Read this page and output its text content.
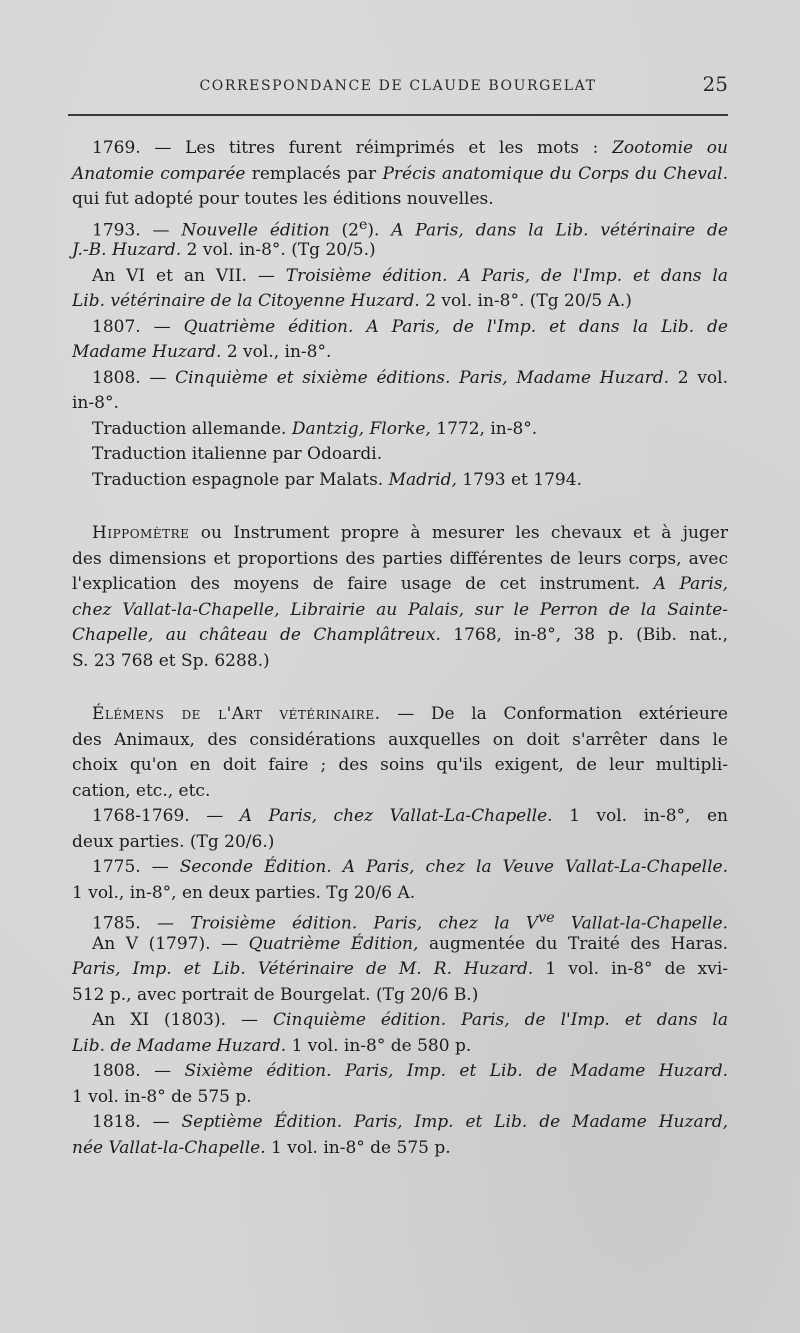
CORRESPONDANCE DE CLAUDE BOURGELAT	25
1769. — Les titres furent réimprimés et les mots : Zootomie ou
Anatomie comparée remplacés par Précis anatomique du Corps du Cheval.
qui fut adopté pour toutes les éditions nouvelles.
1793. — Nouvelle édition (2e). A Paris, dans la Lib. vétérinaire de
J.-B. Huzard. 2 vol. in-8°. (Tg 20/5.)
An VI et an VII. — Troisième édition. A Paris, de l'Imp. et dans la
Lib. vétérinaire de la Citoyenne Huzard. 2 vol. in-8°. (Tg 20/5 A.)
1807. — Quatrième édition. A Paris, de l'Imp. et dans la Lib. de
Madame Huzard. 2 vol., in-8°.
1808. — Cinquième et sixième éditions. Paris, Madame Huzard. 2 vol.
in-8°.
Traduction allemande. Dantzig, Florke, 1772, in-8°.
Traduction italienne par Odoardi.
Traduction espagnole par Malats. Madrid, 1793 et 1794.
Hippomètre ou Instrument propre à mesurer les chevaux et à juger
des dimensions et proportions des parties différentes de leurs corps, avec
l'explication des moyens de faire usage de cet instrument. A Paris,
chez Vallat-la-Chapelle, Librairie au Palais, sur le Perron de la Sainte-
Chapelle, au château de Champlâtreux. 1768, in-8°, 38 p. (Bib. nat.,
S. 23 768 et Sp. 6288.)
Élémens de l'Art vétérinaire. — De la Conformation extérieure
des Animaux, des considérations auxquelles on doit s'arrêter dans le
choix qu'on en doit faire ; des soins qu'ils exigent, de leur multipli-
cation, etc., etc.
1768-1769. — A Paris, chez Vallat-La-Chapelle. 1 vol. in-8°, en
deux parties. (Tg 20/6.)
1775. — Seconde Édition. A Paris, chez la Veuve Vallat-La-Chapelle.
1 vol., in-8°, en deux parties. Tg 20/6 A.
1785. — Troisième édition. Paris, chez la $V^{ve}$ Vallat-la-Chapelle.
An V (1797). — Quatrième Édition, augmentée du Traité des Haras.
Paris, Imp. et Lib. Vétérinaire de M. R. Huzard. 1 vol. in-8° de xvi-
512 p., avec portrait de Bourgelat. (Tg 20/6 B.)
An XI (1803). — Cinquième édition. Paris, de l'Imp. et dans la
Lib. de Madame Huzard. 1 vol. in-8° de 580 p.
1808. — Sixième édition. Paris, Imp. et Lib. de Madame Huzard.
1 vol. in-8° de 575 p.
1818. — Septième Édition. Paris, Imp. et Lib. de Madame Huzard,
née Vallat-la-Chapelle. 1 vol. in-8° de 575 p.
